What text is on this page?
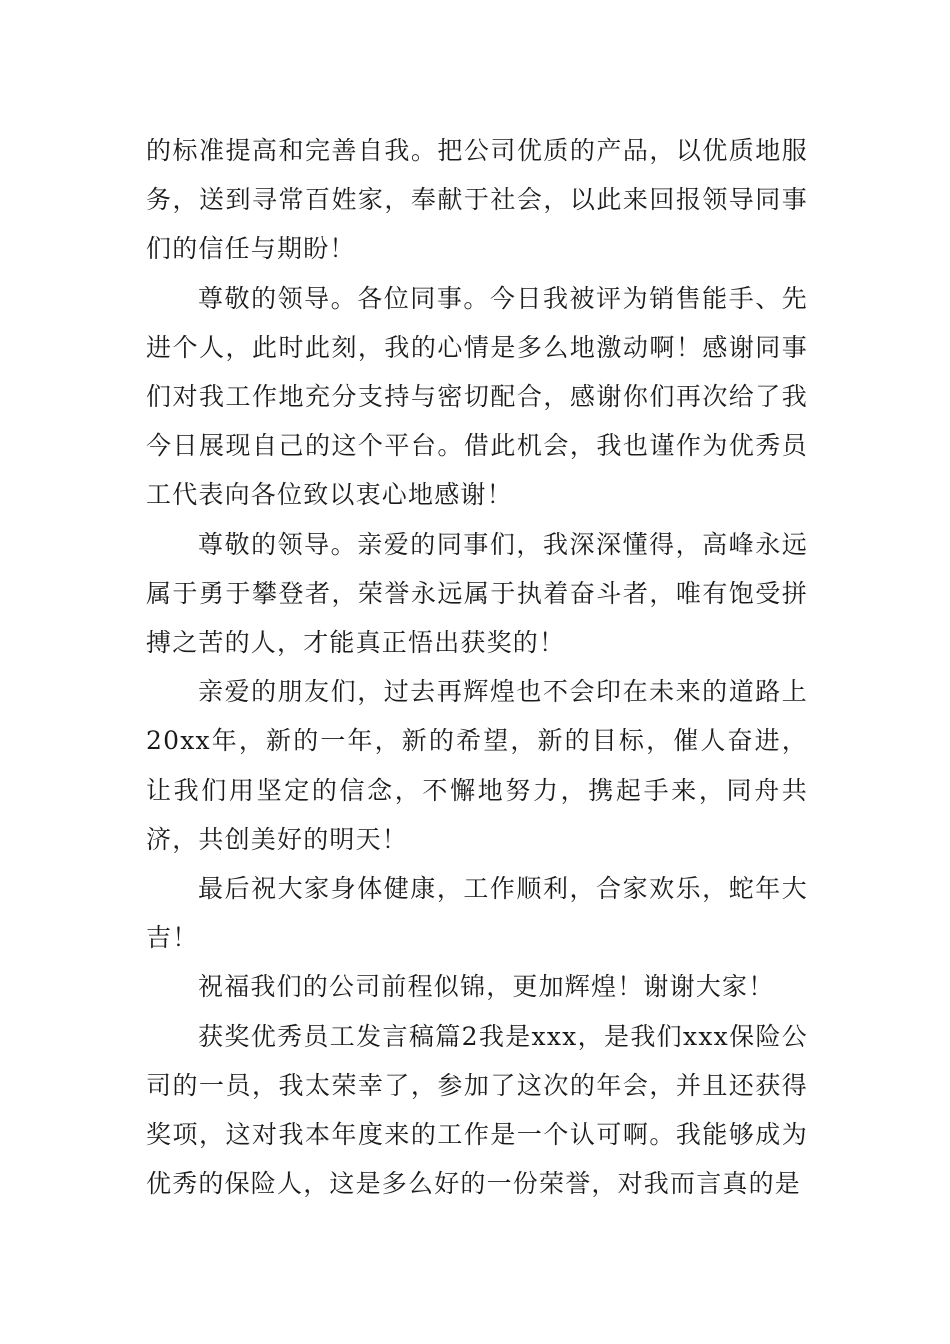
的标准提高和完善自我。把公司优质的产品，以优质地服务，送到寻常百姓家，奉献于社会，以此来回报领导同事们的信任与期盼！

尊敬的领导。各位同事。今日我被评为销售能手、先进个人，此时此刻，我的心情是多么地激动啊！感谢同事们对我工作地充分支持与密切配合，感谢你们再次给了我今日展现自己的这个平台。借此机会，我也谨作为优秀员工代表向各位致以衷心地感谢！

尊敬的领导。亲爱的同事们，我深深懂得，高峰永远属于勇于攀登者，荣誉永远属于执着奋斗者，唯有饱受拼搏之苦的人，才能真正悟出获奖的！

亲爱的朋友们，过去再辉煌也不会印在未来的道路上20xx年，新的一年，新的希望，新的目标，催人奋进，让我们用坚定的信念，不懈地努力，携起手来，同舟共济，共创美好的明天！

最后祝大家身体健康，工作顺利，合家欢乐，蛇年大吉！

祝福我们的公司前程似锦，更加辉煌！谢谢大家！

获奖优秀员工发言稿篇2我是xxx，是我们xxx保险公司的一员，我太荣幸了，参加了这次的年会，并且还获得奖项，这对我本年度来的工作是一个认可啊。我能够成为优秀的保险人，这是多么好的一份荣誉，对我而言真的是
